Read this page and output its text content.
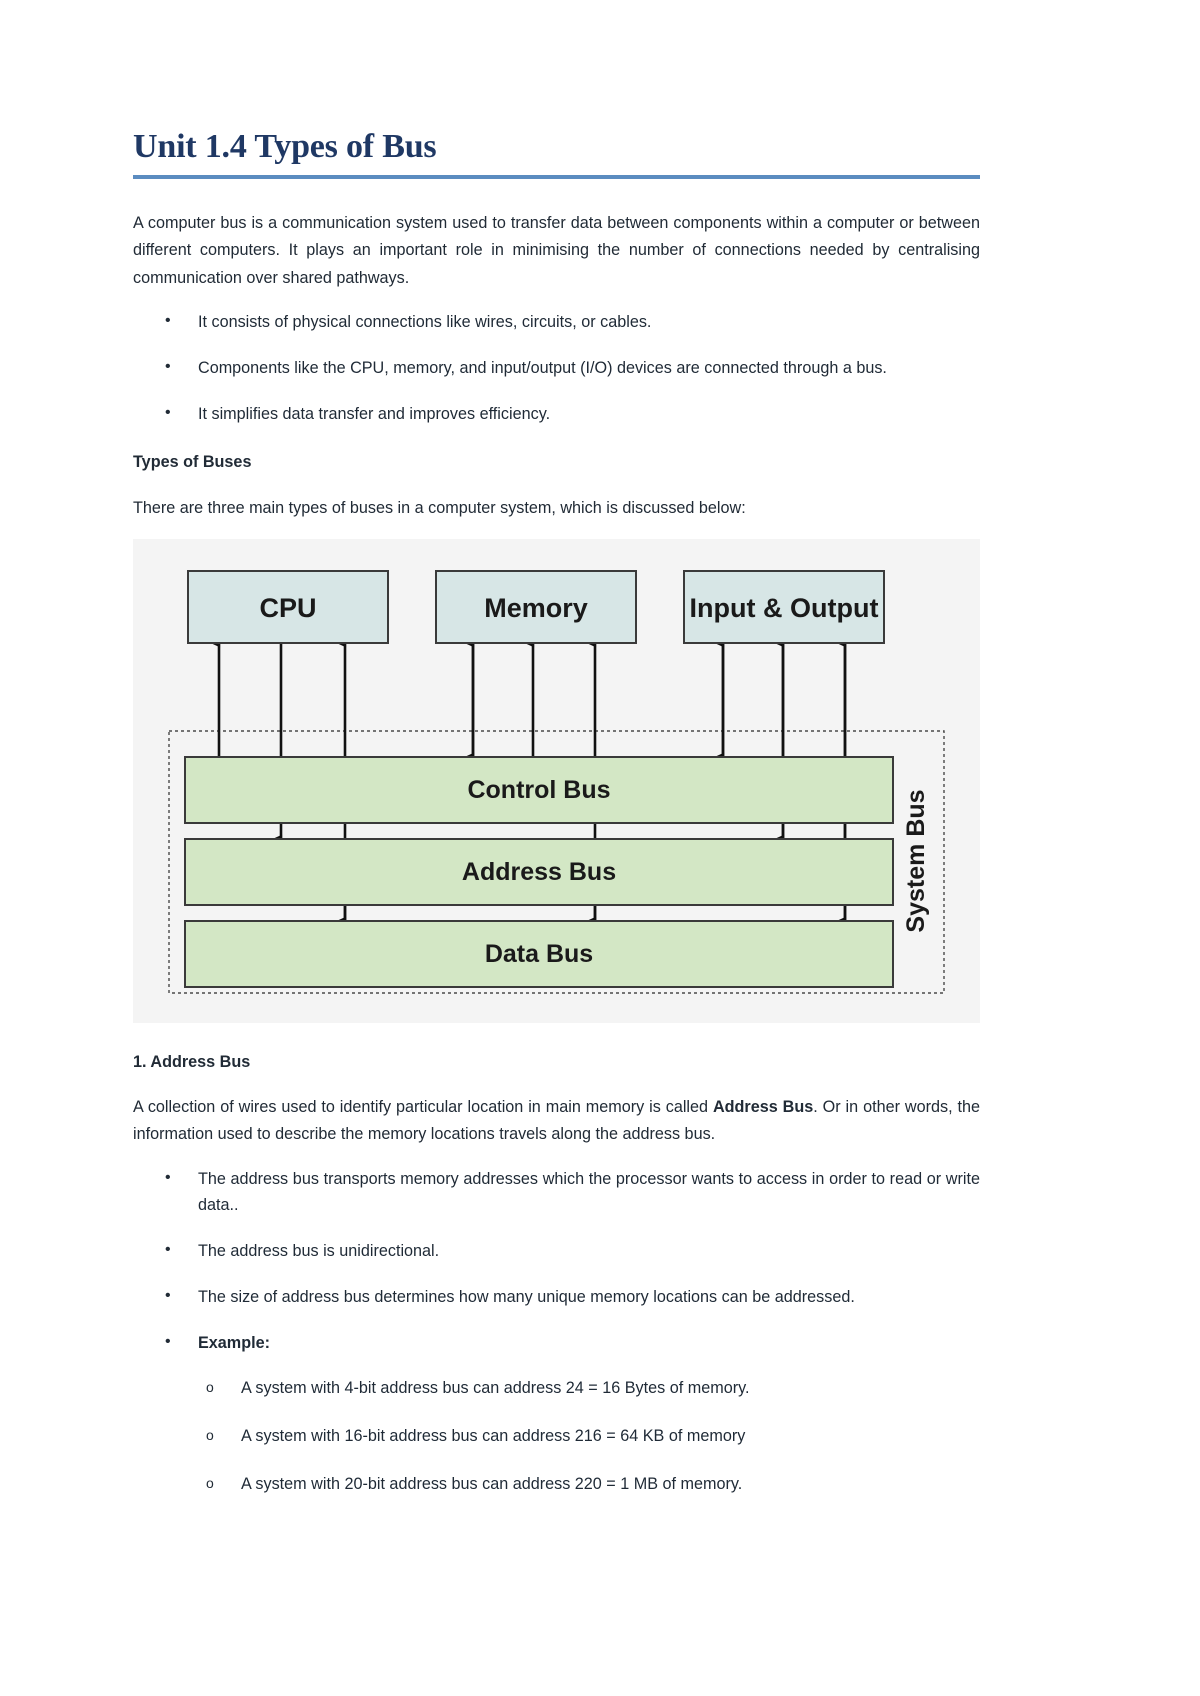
Unit 1.4 Types of Bus

A computer bus is a communication system used to transfer data between components within a computer or between different computers. It plays an important role in minimising the number of connections needed by centralising communication over shared pathways.

• It consists of physical connections like wires, circuits, or cables.
• Components like the CPU, memory, and input/output (I/O) devices are connected through a bus.
• It simplifies data transfer and improves efficiency.
Types of Buses

There are three main types of buses in a computer system, which is discussed below:

Control Bus
Address Bus
Data Bus
CPU	Memory	Input & Output
System Bus
1. Address Bus

A collection of wires used to identify particular location in main memory is called Address Bus. Or in other words, the information used to describe the memory locations travels along the address bus.

• The address bus transports memory addresses which the processor wants to access in order to read or write data..
• The address bus is unidirectional.
• The size of address bus determines how many unique memory locations can be addressed.
• Example:
o A system with 4-bit address bus can address 24 = 16 Bytes of memory.
o A system with 16-bit address bus can address 216 = 64 KB of memory
o A system with 20-bit address bus can address 220 = 1 MB of memory.
